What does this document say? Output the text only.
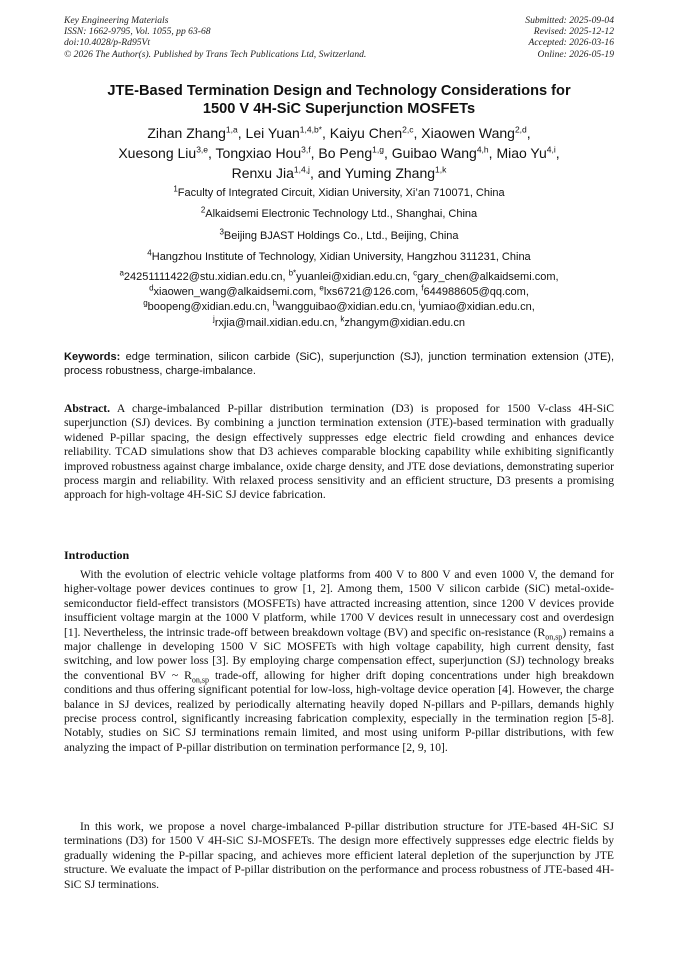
Key Engineering Materials
ISSN: 1662-9795, Vol. 1055, pp 63-68
doi:10.4028/p-Rd95Vt
© 2026 The Author(s). Published by Trans Tech Publications Ltd, Switzerland.
Submitted: 2025-09-04
Revised: 2025-12-12
Accepted: 2026-03-16
Online: 2026-05-19
JTE-Based Termination Design and Technology Considerations for
1500 V 4H-SiC Superjunction MOSFETs
Zihan Zhang$^{1,a}$, Lei Yuan$^{1,4,b*}$, Kaiyu Chen$^{2,c}$, Xiaowen Wang$^{2,d}$,
Xuesong Liu$^{3,e}$, Tongxiao Hou$^{3,f}$, Bo Peng$^{1,g}$, Guibao Wang$^{4,h}$, Miao Yu$^{4,i}$,
Renxu Jia$^{1,4,j}$, and Yuming Zhang$^{1,k}$
$^1$Faculty of Integrated Circuit, Xidian University, Xi’an 710071, China
$^2$Alkaidsemi Electronic Technology Ltd., Shanghai, China
$^3$Beijing BJAST Holdings Co., Ltd., Beijing, China
$^4$Hangzhou Institute of Technology, Xidian University, Hangzhou 311231, China
$^a$24251111422@stu.xidian.edu.cn, $^{b*}$yuanlei@xidian.edu.cn, $^c$gary_chen@alkaidsemi.com,
$^d$xiaowen_wang@alkaidsemi.com, $^e$lxs6721@126.com, $^f$644988605@qq.com,
$^g$boopeng@xidian.edu.cn, $^h$wangguibao@xidian.edu.cn, $^i$yumiao@xidian.edu.cn,
$^j$rxjia@mail.xidian.edu.cn, $^k$zhangym@xidian.edu.cn
Keywords: edge termination, silicon carbide (SiC), superjunction (SJ), junction termination extension (JTE), process robustness, charge-imbalance.
Abstract. A charge-imbalanced P-pillar distribution termination (D3) is proposed for 1500 V-class 4H-SiC superjunction (SJ) devices. By combining a junction termination extension (JTE)-based termination with gradually widened P-pillar spacing, the design effectively suppresses edge electric field crowding and enhances device reliability. TCAD simulations show that D3 achieves comparable blocking capability while exhibiting significantly improved robustness against charge imbalance, oxide charge density, and JTE dose deviations, demonstrating superior process margin and reliability. With relaxed process sensitivity and an efficient structure, D3 presents a promising approach for high-voltage 4H-SiC SJ device fabrication.
Introduction

With the evolution of electric vehicle voltage platforms from 400 V to 800 V and even 1000 V, the demand for higher-voltage power devices continues to grow [1, 2]. Among them, 1500 V silicon carbide (SiC) metal-oxide-semiconductor field-effect transistors (MOSFETs) have attracted increasing attention, since 1200 V devices provide insufficient voltage margin at the 1000 V platform, while 1700 V devices result in unnecessary cost and overdesign [1]. Nevertheless, the intrinsic trade-off between breakdown voltage (BV) and specific on-resistance $(R_{on,sp})$ remains a major challenge in developing 1500 V SiC MOSFETs with high voltage capability, high current density, fast switching, and low power loss [3]. By employing charge compensation effect, superjunction (SJ) technology breaks the conventional BV ~ $R_{on,sp}$ trade-off, allowing for higher drift doping concentrations under high breakdown conditions and thus offering significant potential for low-loss, high-voltage device operation [4]. However, the charge balance in SJ devices, realized by periodically alternating heavily doped N-pillars and P-pillars, demands highly precise process control, significantly increasing fabrication complexity, especially in the termination region [5-8]. Notably, studies on SiC SJ terminations remain limited, and most using uniform P-pillar distributions, with few analyzing the impact of P-pillar distribution on termination performance [2, 9, 10].

In this work, we propose a novel charge-imbalanced P-pillar distribution structure for JTE-based 4H-SiC SJ terminations (D3) for 1500 V 4H-SiC SJ-MOSFETs. The design more effectively suppresses edge electric fields by gradually widening the P-pillar spacing, and achieves more efficient lateral depletion of the superjunction by JTE structure. We evaluate the impact of P-pillar distribution on the performance and process robustness of JTE-based 4H-SiC SJ terminations.
